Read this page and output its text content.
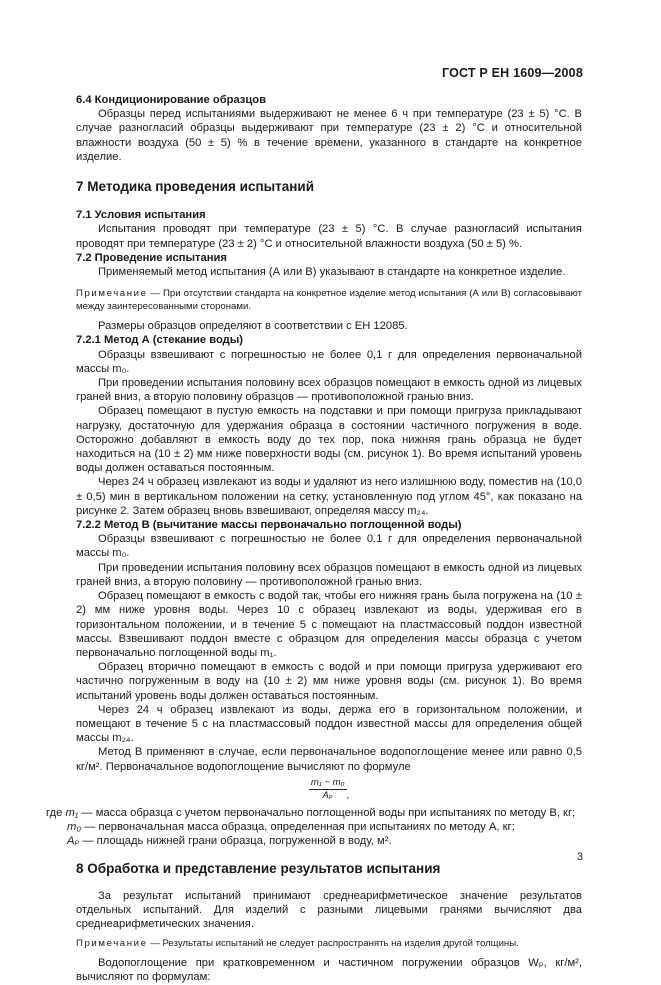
ГОСТ Р ЕН 1609—2008

6.4 Кондиционирование образцов

Образцы перед испытаниями выдерживают не менее 6 ч при температуре (23 ± 5) °С. В случае разногласий образцы выдерживают при температуре (23 ± 2) °С и относительной влажности воздуха (50 ± 5) % в течение времени, указанного в стандарте на конкретное изделие.

7 Методика проведения испытаний

7.1 Условия испытания

Испытания проводят при температуре (23 ± 5) °С. В случае разногласий испытания проводят при температуре (23 ± 2) °С и относительной влажности воздуха (50 ± 5) %.

7.2 Проведение испытания

Применяемый метод испытания (А или В) указывают в стандарте на конкретное изделие.

Примечание — При отсутствии стандарта на конкретное изделие метод испытания (А или В) согласовывают между заинтересованными сторонами.

Размеры образцов определяют в соответствии с ЕН 12085.

7.2.1 Метод А (стекание воды)

Образцы взвешивают с погрешностью не более 0,1 г для определения первоначальной массы m₀.

При проведении испытания половину всех образцов помещают в емкость одной из лицевых граней вниз, а вторую половину образцов — противоположной гранью вниз.

Образец помещают в пустую емкость на подставки и при помощи пригруза прикладывают нагрузку, достаточную для удержания образца в состоянии частичного погружения в воде. Осторожно добавляют в емкость воду до тех пор, пока нижняя грань образца не будет находиться на (10 ± 2) мм ниже поверхности воды (см. рисунок 1). Во время испытаний уровень воды должен оставаться постоянным.

Через 24 ч образец извлекают из воды и удаляют из него излишнюю воду, поместив на (10,0 ± 0,5) мин в вертикальном положении на сетку, установленную под углом 45°, как показано на рисунке 2. Затем образец вновь взвешивают, определяя массу m₂₄.

7.2.2 Метод В (вычитание массы первоначально поглощенной воды)

Образцы взвешивают с погрешностью не более 0.1 г для определения первоначальной массы m₀.

При проведении испытания половину всех образцов помещают в емкость одной из лицевых граней вниз, а вторую половину — противоположной гранью вниз.

Образец помещают в емкость с водой так, чтобы его нижняя грань была погружена на (10 ± 2) мм ниже уровня воды. Через 10 с образец извлекают из воды, удерживая его в горизонтальном положении, и в течение 5 с помещают на пластмассовый поддон известной массы. Взвешивают поддон вместе с образцом для определения массы образца с учетом первоначально поглощенной воды m₁.

Образец вторично помещают в емкость с водой и при помощи пригруза удерживают его частично погруженным в воду на (10 ± 2) мм ниже уровня воды (см. рисунок 1). Во время испытаний уровень воды должен оставаться постоянным.

Через 24 ч образец извлекают из воды, держа его в горизонтальном положении, и помещают в течение 5 с на пластмассовый поддон известной массы для определения общей массы m₂₄.

Метод В применяют в случае, если первоначальное водопоглощение менее или равно 0,5 кг/м². Первоначальное водопоглощение вычисляют по формуле

$\frac{\text{m₁ − m₀}}{\text{Aₚ}}$ ,

где m₁ — масса образца с учетом первоначально поглощенной воды при испытаниях по методу В, кг;

m₀ — первоначальная масса образца, определенная при испытаниях по методу А, кг;

Aₚ — площадь нижней грани образца, погруженной в воду, м².

8 Обработка и представление результатов испытания

За результат испытаний принимают среднеарифметическое значение результатов отдельных испытаний. Для изделий с разными лицевыми гранями вычисляют два среднеарифметических значения.

Примечание — Результаты испытаний не следует распространять на изделия другой толщины.

Водопоглощение при кратковременном и частичном погружении образцов Wₚ, кг/м², вычисляют по формулам:

3
